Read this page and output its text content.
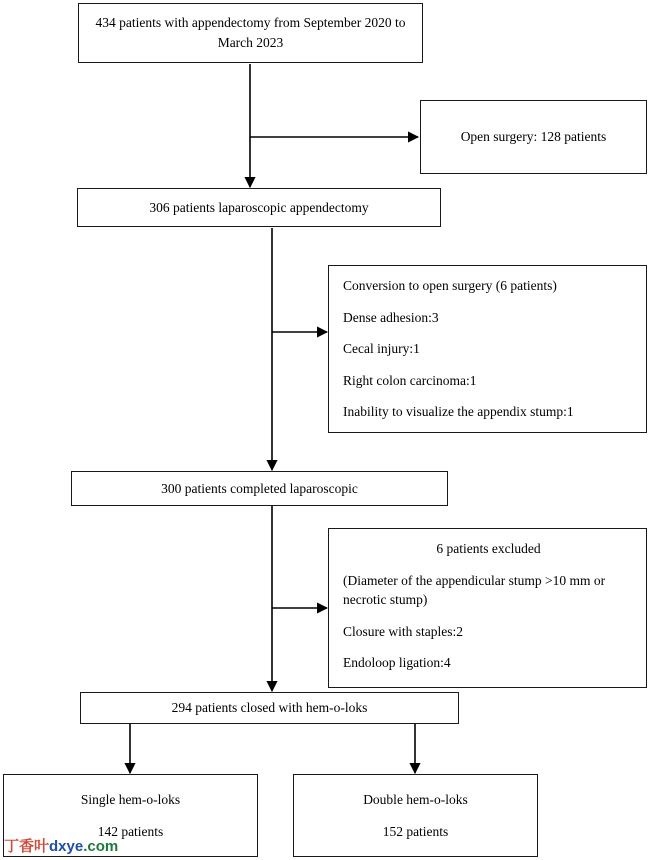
434 patients with appendectomy from September 2020 to March 2023
Open surgery: 128 patients
306 patients laparoscopic appendectomy
Conversion to open surgery (6 patients)
Dense adhesion:3
Cecal injury:1
Right colon carcinoma:1
Inability to visualize the appendix stump:1
300 patients completed laparoscopic
6 patients excluded
(Diameter of the appendicular stump >10 mm or necrotic stump)
Closure with staples:2
Endoloop ligation:4
294 patients closed with hem-o-loks
Single hem-o-loks
142 patients
Double hem-o-loks
152 patients
丁香叶dxye.com
